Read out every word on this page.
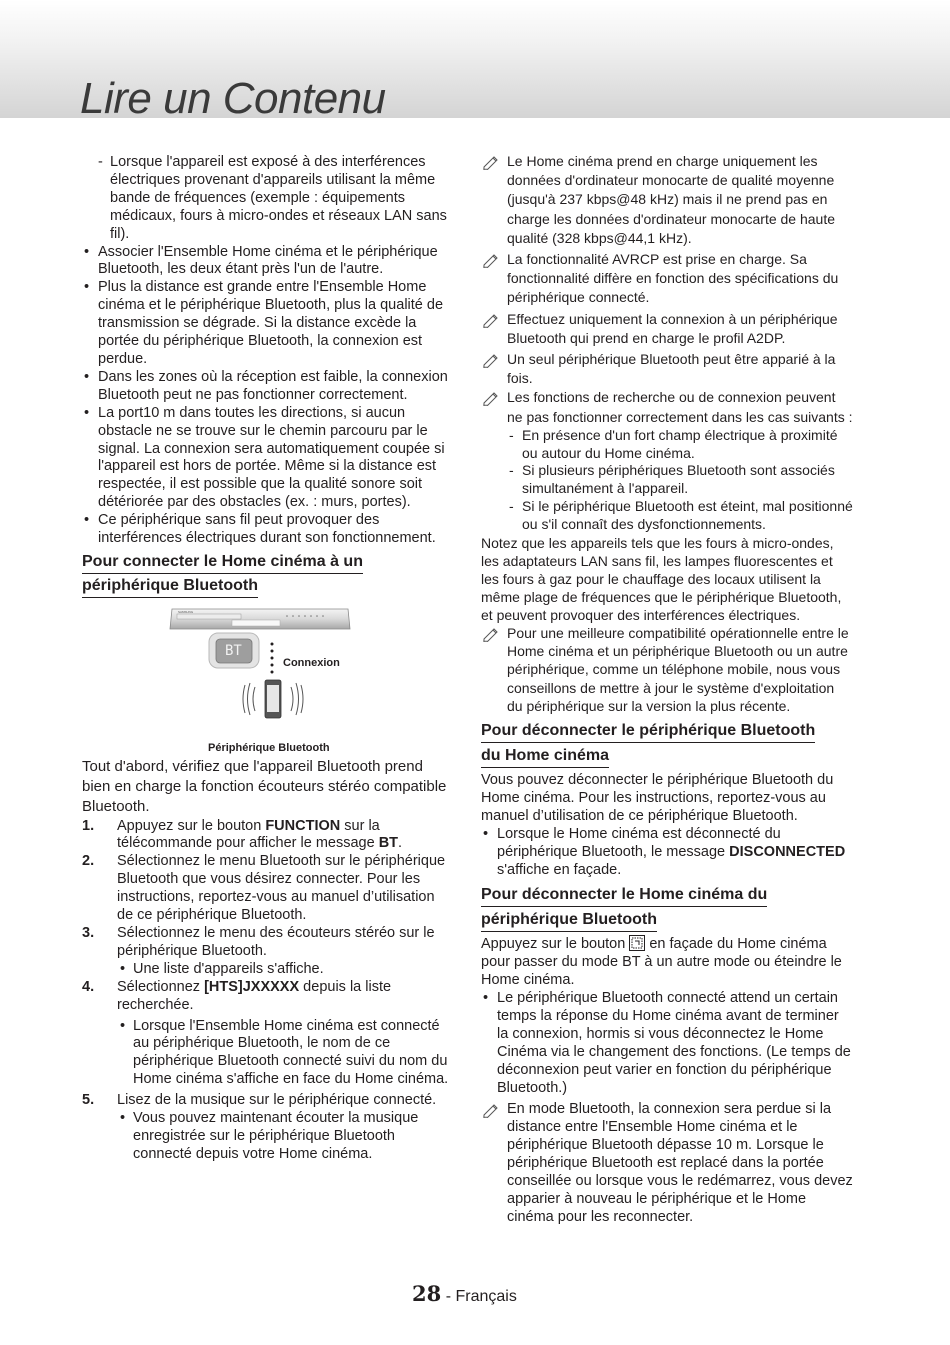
Lire un Contenu
- Lorsque l'appareil est exposé à des interférences électriques provenant d'appareils utilisant la même bande de fréquences (exemple : équipements médicaux, fours à micro-ondes et réseaux LAN sans fil).
• Associer l'Ensemble Home cinéma et le périphérique Bluetooth, les deux étant près l'un de l'autre.
• Plus la distance est grande entre l'Ensemble Home cinéma et le périphérique Bluetooth, plus la qualité de transmission se dégrade. Si la distance excède la portée du périphérique Bluetooth, la connexion est perdue.
• Dans les zones où la réception est faible, la connexion Bluetooth peut ne pas fonctionner correctement.
• La port10 m dans toutes les directions, si aucun obstacle ne se trouve sur le chemin parcouru par le signal. La connexion sera automatiquement coupée si l'appareil est hors de portée. Même si la distance est respectée, il est possible que la qualité sonore soit détériorée par des obstacles (ex. : murs, portes).
• Ce périphérique sans fil peut provoquer des interférences électriques durant son fonctionnement.
Pour connecter le Home cinéma à un
périphérique Bluetooth
SAMSUNG
BT
Connexion
Périphérique Bluetooth

Tout d'abord, vérifiez que l'appareil Bluetooth prend bien en charge la fonction écouteurs stéréo compatible Bluetooth.

1. Appuyez sur le bouton FUNCTION sur la télécommande pour afficher le message BT.
2. Sélectionnez le menu Bluetooth sur le périphérique Bluetooth que vous désirez connecter. Pour les instructions, reportez-vous au manuel d’utilisation de ce périphérique Bluetooth.
3. Sélectionnez le menu des écouteurs stéréo sur le périphérique Bluetooth.
• Une liste d'appareils s'affiche.
4. Sélectionnez [HTS]JXXXXX depuis la liste recherchée.
• Lorsque l'Ensemble Home cinéma est connecté au périphérique Bluetooth, le nom de ce périphérique Bluetooth connecté suivi du nom du Home cinéma s'affiche en face du Home cinéma.
5. Lisez de la musique sur le périphérique connecté.
• Vous pouvez maintenant écouter la musique enregistrée sur le périphérique Bluetooth connecté depuis votre Home cinéma.
Le Home cinéma prend en charge uniquement les données d'ordinateur monocarte de qualité moyenne (jusqu'à 237 kbps@48 kHz) mais il ne prend pas en charge les données d'ordinateur monocarte de haute qualité (328 kbps@44,1 kHz).
La fonctionnalité AVRCP est prise en charge. Sa fonctionnalité diffère en fonction des spécifications du périphérique connecté.
Effectuez uniquement la connexion à un périphérique Bluetooth qui prend en charge le profil A2DP.
Un seul périphérique Bluetooth peut être apparié à la fois.
Les fonctions de recherche ou de connexion peuvent ne pas fonctionner correctement dans les cas suivants :
- En présence d'un fort champ électrique à proximité ou autour du Home cinéma.
- Si plusieurs périphériques Bluetooth sont associés simultanément à l'appareil.
- Si le périphérique Bluetooth est éteint, mal positionné ou s'il connaît des dysfonctionnements.

Notez que les appareils tels que les fours à micro-ondes, les adaptateurs LAN sans fil, les lampes fluorescentes et les fours à gaz pour le chauffage des locaux utilisent la même plage de fréquences que le périphérique Bluetooth, et peuvent provoquer des interférences électriques.

Pour une meilleure compatibilité opérationnelle entre le Home cinéma et un périphérique Bluetooth ou un autre périphérique, comme un téléphone mobile, nous vous conseillons de mettre à jour le système d'exploitation du périphérique sur la version la plus récente.
Pour déconnecter le périphérique Bluetooth
du Home cinéma

Vous pouvez déconnecter le périphérique Bluetooth du Home cinéma. Pour les instructions, reportez-vous au manuel d’utilisation de ce périphérique Bluetooth.

• Lorsque le Home cinéma est déconnecté du périphérique Bluetooth, le message DISCONNECTED s'affiche en façade.
Pour déconnecter le Home cinéma du
périphérique Bluetooth

Appuyez sur le bouton  en façade du Home cinéma pour passer du mode BT à un autre mode ou éteindre le Home cinéma.

• Le périphérique Bluetooth connecté attend un certain temps la réponse du Home cinéma avant de terminer la connexion, hormis si vous déconnectez le Home Cinéma via le changement des fonctions. (Le temps de déconnexion peut varier en fonction du périphérique Bluetooth.)
En mode Bluetooth, la connexion sera perdue si la distance entre l'Ensemble Home cinéma et le périphérique Bluetooth dépasse 10 m. Lorsque le périphérique Bluetooth est replacé dans la portée conseillée ou lorsque vous le redémarrez, vous devez apparier à nouveau le périphérique et le Home cinéma pour les reconnecter.
28 - Français
